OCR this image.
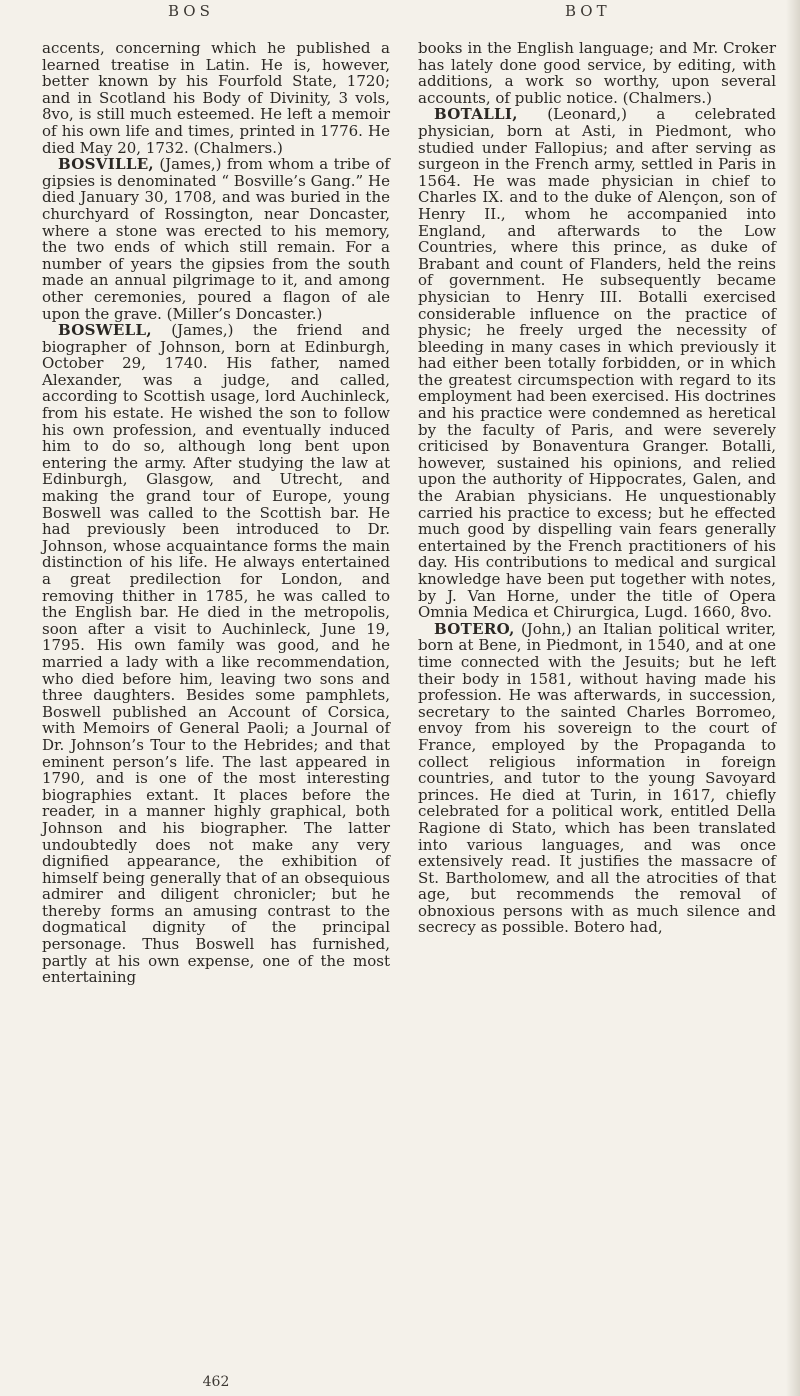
BOS	BOT

accents, concerning which he published a learned treatise in Latin. He is, however, better known by his Fourfold State, 1720; and in Scotland his Body of Divinity, 3 vols, 8vo, is still much esteemed. He left a memoir of his own life and times, printed in 1776. He died May 20, 1732. (Chalmers.)

BOSVILLE, (James,) from whom a tribe of gipsies is denominated “ Bosville’s Gang.” He died January 30, 1708, and was buried in the churchyard of Rossington, near Doncaster, where a stone was erected to his memory, the two ends of which still remain. For a number of years the gipsies from the south made an annual pilgrimage to it, and among other ceremonies, poured a flagon of ale upon the grave. (Miller’s Doncaster.)

BOSWELL, (James,) the friend and biographer of Johnson, born at Edinburgh, October 29, 1740. His father, named Alexander, was a judge, and called, according to Scottish usage, lord Auchinleck, from his estate. He wished the son to follow his own profession, and eventually induced him to do so, although long bent upon entering the army. After studying the law at Edinburgh, Glasgow, and Utrecht, and making the grand tour of Europe, young Boswell was called to the Scottish bar. He had previously been introduced to Dr. Johnson, whose acquaintance forms the main distinction of his life. He always entertained a great predilection for London, and removing thither in 1785, he was called to the English bar. He died in the metropolis, soon after a visit to Auchinleck, June 19, 1795. His own family was good, and he married a lady with a like recommendation, who died before him, leaving two sons and three daughters. Besides some pamphlets, Boswell published an Account of Corsica, with Memoirs of General Paoli; a Journal of Dr. Johnson’s Tour to the Hebrides; and that eminent person’s life. The last appeared in 1790, and is one of the most interesting biographies extant. It places before the reader, in a manner highly graphical, both Johnson and his biographer. The latter undoubtedly does not make any very dignified appearance, the exhibition of himself being generally that of an obsequious admirer and diligent chronicler; but he thereby forms an amusing contrast to the dogmatical dignity of the principal personage. Thus Boswell has furnished, partly at his own expense, one of the most entertaining

books in the English language; and Mr. Croker has lately done good service, by editing, with additions, a work so worthy, upon several accounts, of public notice. (Chalmers.)

BOTALLI, (Leonard,) a celebrated physician, born at Asti, in Piedmont, who studied under Fallopius; and after serving as surgeon in the French army, settled in Paris in 1564. He was made physician in chief to Charles IX. and to the duke of Alençon, son of Henry II., whom he accompanied into England, and afterwards to the Low Countries, where this prince, as duke of Brabant and count of Flanders, held the reins of government. He subsequently became physician to Henry III. Botalli exercised considerable influence on the practice of physic; he freely urged the necessity of bleeding in many cases in which previously it had either been totally forbidden, or in which the greatest circumspection with regard to its employment had been exercised. His doctrines and his practice were condemned as heretical by the faculty of Paris, and were severely criticised by Bonaventura Granger. Botalli, however, sustained his opinions, and relied upon the authority of Hippocrates, Galen, and the Arabian physicians. He unquestionably carried his practice to excess; but he effected much good by dispelling vain fears generally entertained by the French practitioners of his day. His contributions to medical and surgical knowledge have been put together with notes, by J. Van Horne, under the title of Opera Omnia Medica et Chirurgica, Lugd. 1660, 8vo.

BOTERO, (John,) an Italian political writer, born at Bene, in Piedmont, in 1540, and at one time connected with the Jesuits; but he left their body in 1581, without having made his profession. He was afterwards, in succession, secretary to the sainted Charles Borromeo, envoy from his sovereign to the court of France, employed by the Propaganda to collect religious information in foreign countries, and tutor to the young Savoyard princes. He died at Turin, in 1617, chiefly celebrated for a political work, entitled Della Ragione di Stato, which has been translated into various languages, and was once extensively read. It justifies the massacre of St. Bartholomew, and all the atrocities of that age, but recommends the removal of obnoxious persons with as much silence and secrecy as possible. Botero had,

462
